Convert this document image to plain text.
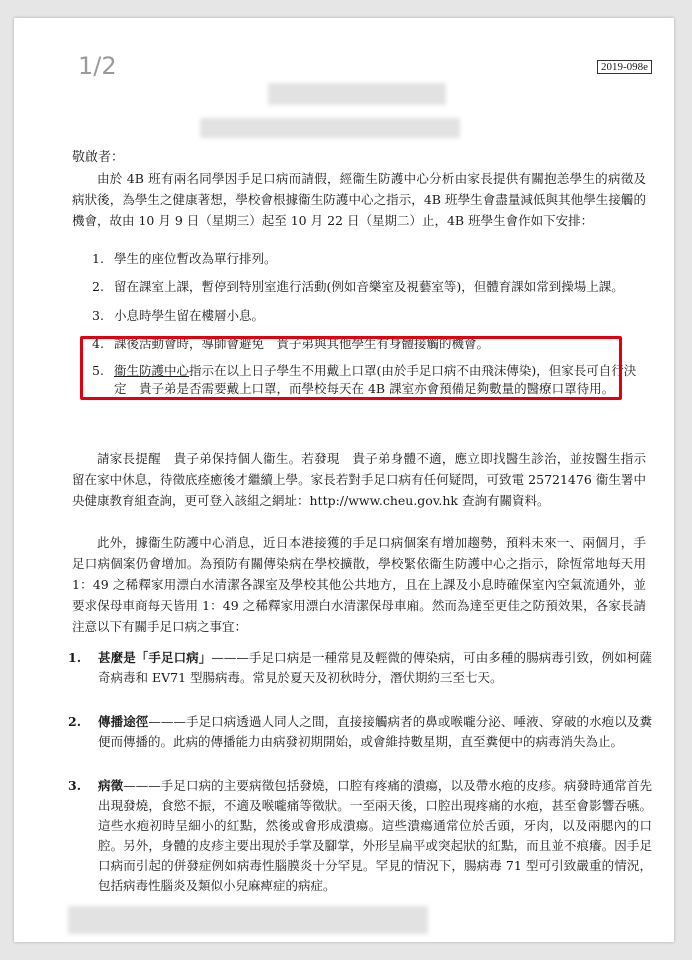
1/2	2019-098e
敬啟者：
由於 4B 班有兩名同學因手足口病而請假，經衞生防護中心分析由家長提供有關抱恙學生的病徵及病狀後，為學生之健康著想，學校會根據衞生防護中心之指示，4B 班學生會盡量減低與其他學生接觸的機會，故由 10 月 9 日（星期三）起至 10 月 22 日（星期二）止，4B 班學生會作如下安排：
1. 學生的座位暫改為單行排列。
2. 留在課室上課，暫停到特別室進行活動(例如音樂室及視藝室等)，但體育課如常到操場上課。
3. 小息時學生留在樓層小息。
4. 課後活動會時，導師會避免　貴子弟與其他學生有身體接觸的機會。
5. 衞生防護中心指示在以上日子學生不用戴上口罩(由於手足口病不由飛沫傳染)，但家長可自行決定　貴子弟是否需要戴上口罩，而學校每天在 4B 課室亦會預備足夠數量的醫療口罩待用。
請家長提醒　貴子弟保持個人衞生。若發現　貴子弟身體不適，應立即找醫生診治，並按醫生指示留在家中休息，待徵底痊癒後才繼續上學。家長若對手足口病有任何疑問，可致電 25721476 衞生署中央健康教育組查詢，更可登入該組之網址：http://www.cheu.gov.hk 查詢有關資料。
此外，據衞生防護中心消息，近日本港接獲的手足口病個案有增加趨勢，預料未來一、兩個月，手足口病個案仍會增加。為預防有關傳染病在學校擴散，學校緊依衞生防護中心之指示，除恆常地每天用 1：49 之稀釋家用漂白水清潔各課室及學校其他公共地方，且在上課及小息時確保室內空氣流通外，並要求保母車商每天皆用 1：49 之稀釋家用漂白水清潔保母車廂。然而為達至更佳之防預效果，各家長請注意以下有關手足口病之事宜：
1.	甚麼是「手足口病」———手足口病是一種常見及輕微的傳染病，可由多種的腸病毒引致，例如柯薩奇病毒和 EV71 型腸病毒。常見於夏天及初秋時分，潛伏期約三至七天。
2.	傳播途徑———手足口病透過人同人之間，直接接觸病者的鼻或喉嚨分泌、唾液、穿破的水疱以及糞便而傳播的。此病的傳播能力由病發初期開始，或會維持數星期，直至糞便中的病毒消失為止。
3.	病徵———手足口病的主要病徵包括發燒，口腔有疼痛的潰瘍，以及帶水疱的皮疹。病發時通常首先出現發燒，食慾不振，不適及喉嚨痛等徵狀。一至兩天後，口腔出現疼痛的水疱，甚至會影響吞嚥。這些水疱初時呈細小的紅點，然後或會形成潰瘍。這些潰瘍通常位於舌頭，牙肉，以及兩腮內的口腔。另外，身體的皮疹主要出現於手掌及腳掌，外形呈扁平或突起狀的紅點，而且並不痕癢。因手足口病而引起的併發症例如病毒性腦膜炎十分罕見。罕見的情況下，腸病毒 71 型可引致嚴重的情況，包括病毒性腦炎及類似小兒麻痺症的病症。
